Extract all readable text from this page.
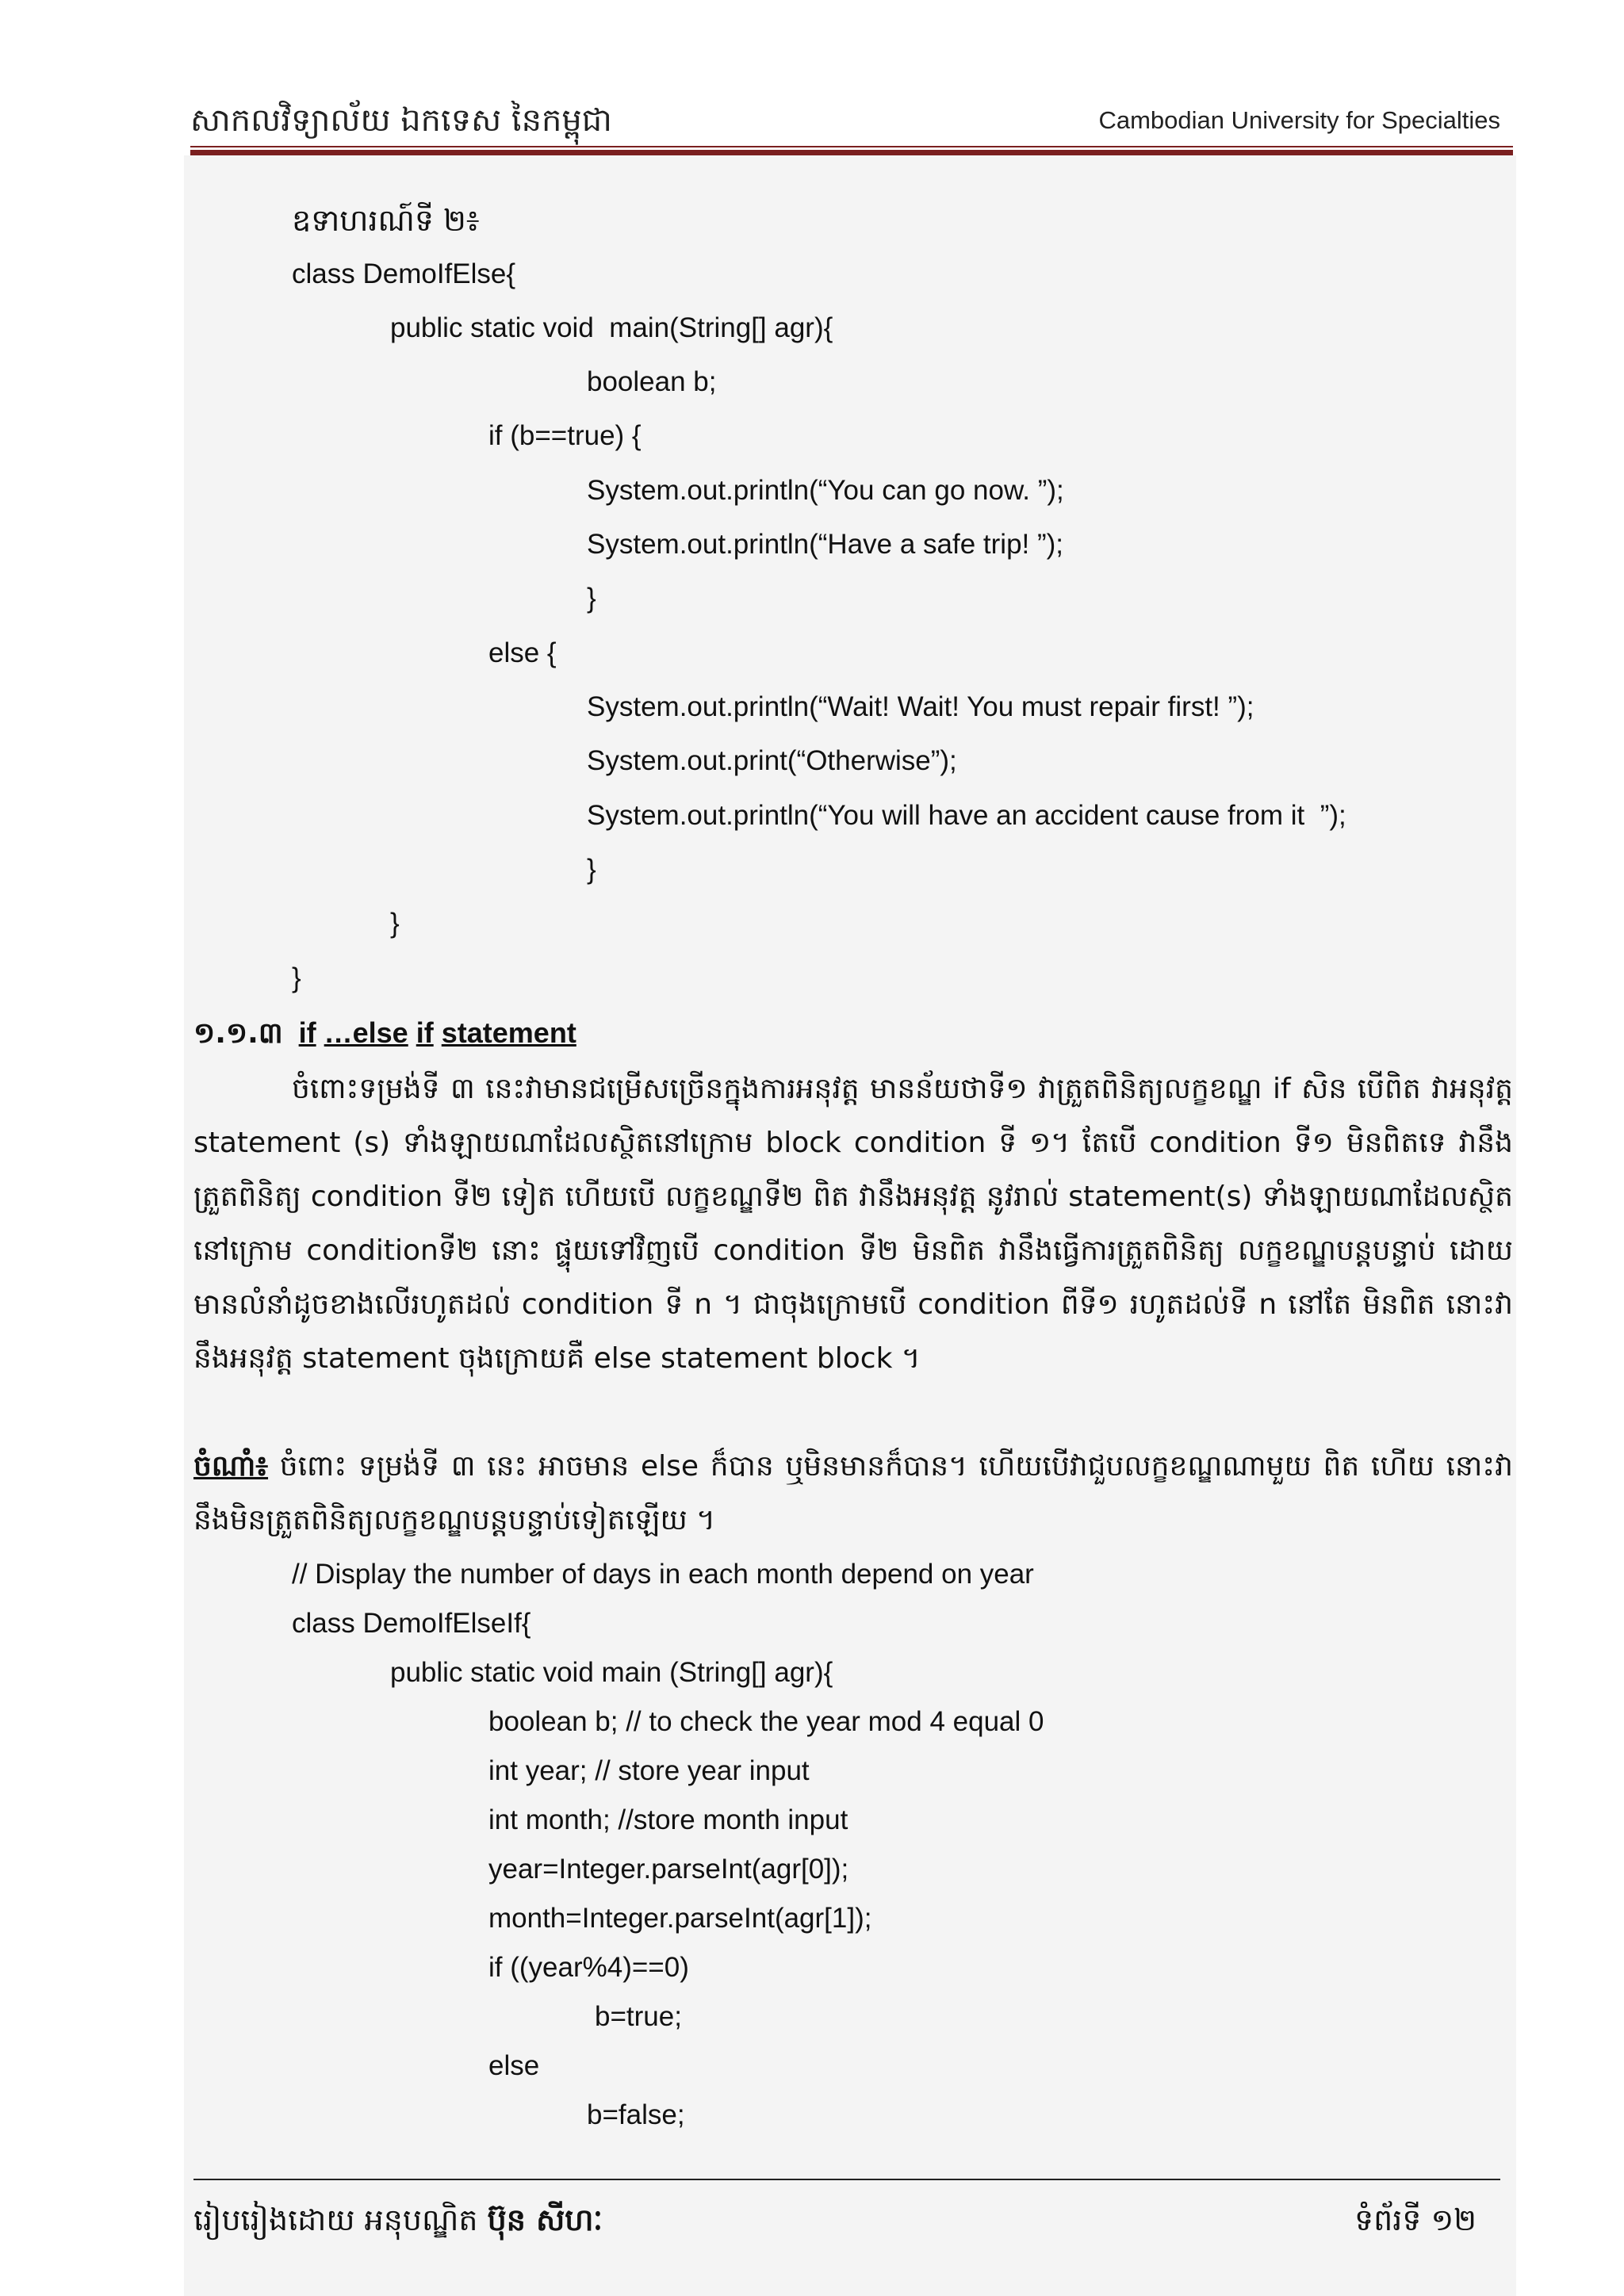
សាកលវិទ្យាល័យ ឯកទេស នៃកម្ពុជា	Cambodian University for Specialties
ឧទាហរណ៍ទី ២៖
class DemoIfElse{
public static void  main(String[] agr){
boolean b;
if (b==true) {
System.out.println(“You can go now. ”);
System.out.println(“Have a safe trip! ”);
}
else {
System.out.println(“Wait! Wait! You must repair first! ”);
System.out.print(“Otherwise”);
System.out.println(“You will have an accident cause from it  ”);
}
}
}
១.១.៣ if …else if statement
ចំពោះទម្រង់ទី ៣ នេះវាមានជម្រើសច្រើនក្នុងការអនុវត្ត មានន័យថាទី១ វាត្រួតពិនិត្យលក្ខខណ្ឌ if សិន បើពិត វាអនុវត្ត statement (s) ទាំងឡាយណាដែលស្ថិតនៅក្រោម block condition ទី ១។ តែបើ condition ទី១ មិនពិតទេ វានឹងត្រួតពិនិត្យ condition ទី២ ទៀត ហើយបើ លក្ខខណ្ឌទី២ ពិត វានឹងអនុវត្ត នូវរាល់ statement(s) ទាំងឡាយណាដែលស្ថិតនៅក្រោម conditionទី២ នោះ ផ្ទុយទៅវិញបើ condition ទី២ មិនពិត វានឹងធ្វើការត្រួតពិនិត្យ លក្ខខណ្ឌបន្តបន្ទាប់ ដោយមានលំនាំដូចខាងលើរហូតដល់ condition ទី n ។ ជាចុងក្រោមបើ condition ពីទី១ រហូតដល់ទី n នៅតែ មិនពិត នោះវានឹងអនុវត្ត statement ចុងក្រោយគឺ else statement block ។
ចំណាំ៖ ចំពោះ ទម្រង់ទី ៣ នេះ អាចមាន else ក៏បាន ឬមិនមានក៏បាន។ ហើយបើវាជួបលក្ខខណ្ឌណាមួយ ពិត ហើយ នោះវានឹងមិនត្រួតពិនិត្យលក្ខខណ្ឌបន្តបន្ទាប់ទៀតឡើយ ។
// Display the number of days in each month depend on year
class DemoIfElseIf{
public static void main (String[] agr){
boolean b; // to check the year mod 4 equal 0
int year; // store year input
int month; //store month input
year=Integer.parseInt(agr[0]);
month=Integer.parseInt(agr[1]);
if ((year%4)==0)
b=true;
else
b=false;
រៀបរៀងដោយ អនុបណ្ឌិត ប៊ុន សីហៈ	ទំព័រទី ១២
